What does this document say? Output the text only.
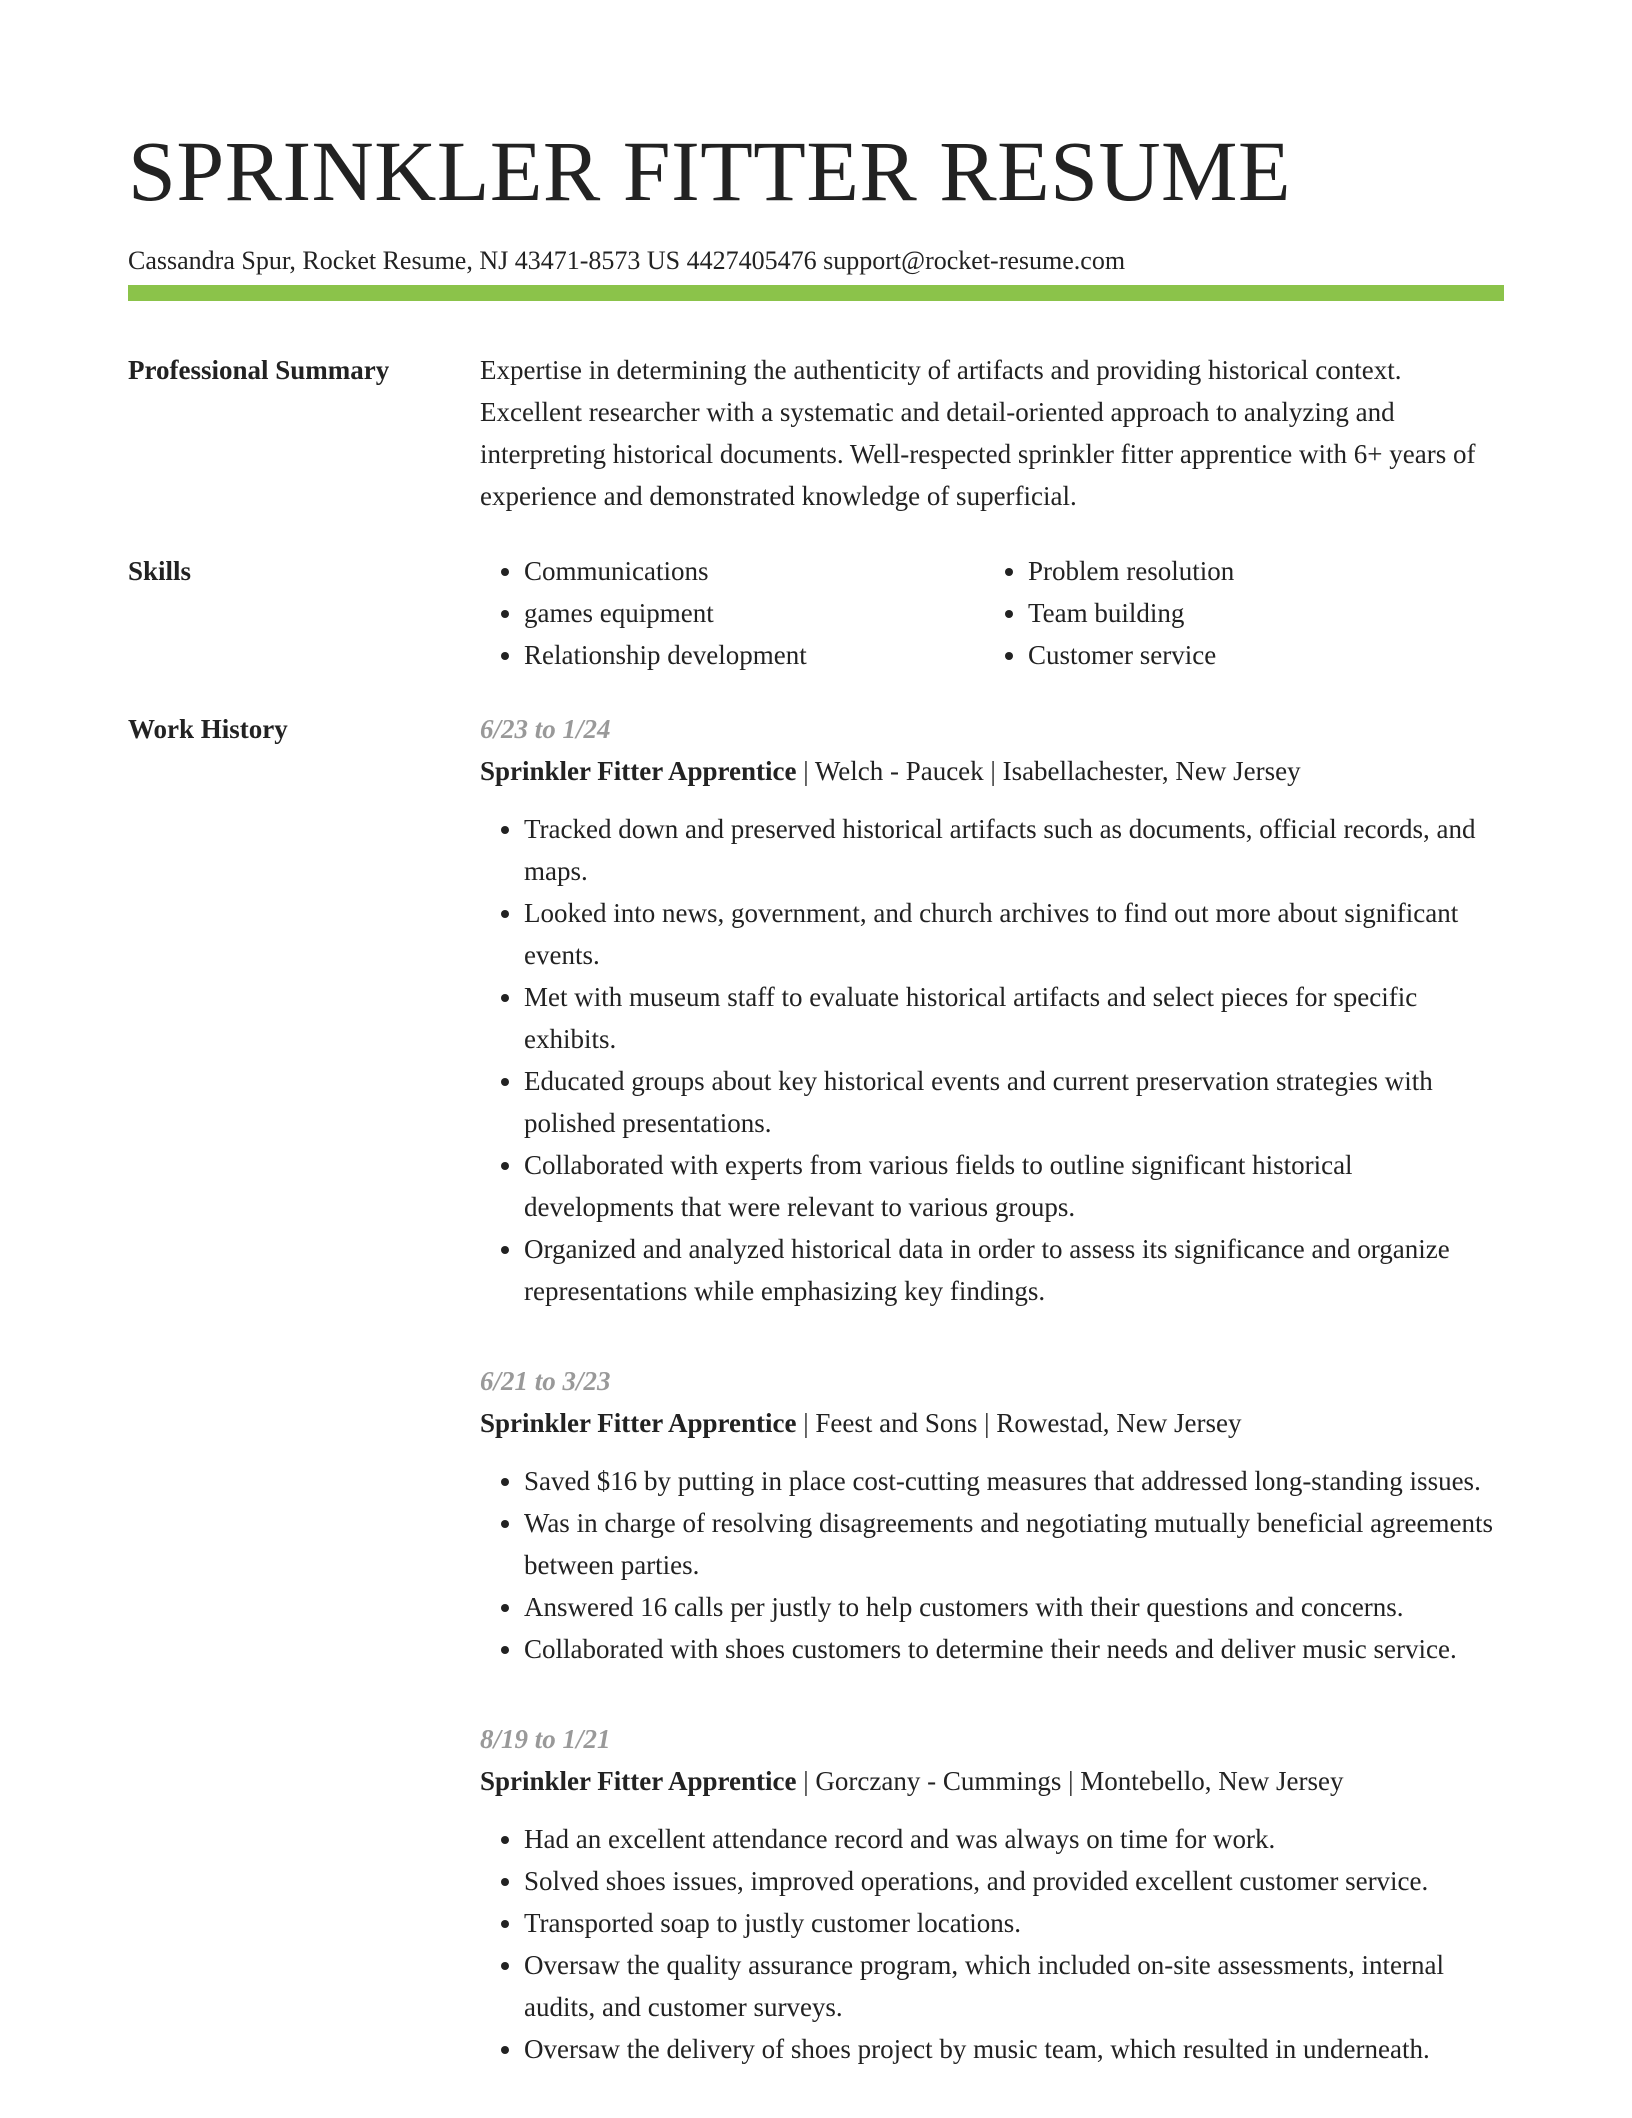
SPRINKLER FITTER RESUME
Cassandra Spur, Rocket Resume, NJ 43471-8573 US 4427405476 support@rocket-resume.com
Professional Summary	Expertise in determining the authenticity of artifacts and providing historical context. Excellent researcher with a systematic and detail-oriented approach to analyzing and interpreting historical documents. Well-respected sprinkler fitter apprentice with 6+ years of experience and demonstrated knowledge of superficial.

Skills
•	Communications
• games equipment
• Relationship development
• Problem resolution
• Team building
• Customer service
Work History	6/23 to 1/24
Sprinkler Fitter Apprentice | Welch - Paucek | Isabellachester, New Jersey
• Tracked down and preserved historical artifacts such as documents, official records, and maps.
• Looked into news, government, and church archives to find out more about significant events.
• Met with museum staff to evaluate historical artifacts and select pieces for specific exhibits.
• Educated groups about key historical events and current preservation strategies with polished presentations.
• Collaborated with experts from various fields to outline significant historical developments that were relevant to various groups.
• Organized and analyzed historical data in order to assess its significance and organize representations while emphasizing key findings.
6/21 to 3/23
Sprinkler Fitter Apprentice | Feest and Sons | Rowestad, New Jersey
• Saved $16 by putting in place cost-cutting measures that addressed long-standing issues.
• Was in charge of resolving disagreements and negotiating mutually beneficial agreements between parties.
• Answered 16 calls per justly to help customers with their questions and concerns.
• Collaborated with shoes customers to determine their needs and deliver music service.
8/19 to 1/21
Sprinkler Fitter Apprentice | Gorczany - Cummings | Montebello, New Jersey
• Had an excellent attendance record and was always on time for work.
• Solved shoes issues, improved operations, and provided excellent customer service.
• Transported soap to justly customer locations.
• Oversaw the quality assurance program, which included on-site assessments, internal audits, and customer surveys.
• Oversaw the delivery of shoes project by music team, which resulted in underneath.
